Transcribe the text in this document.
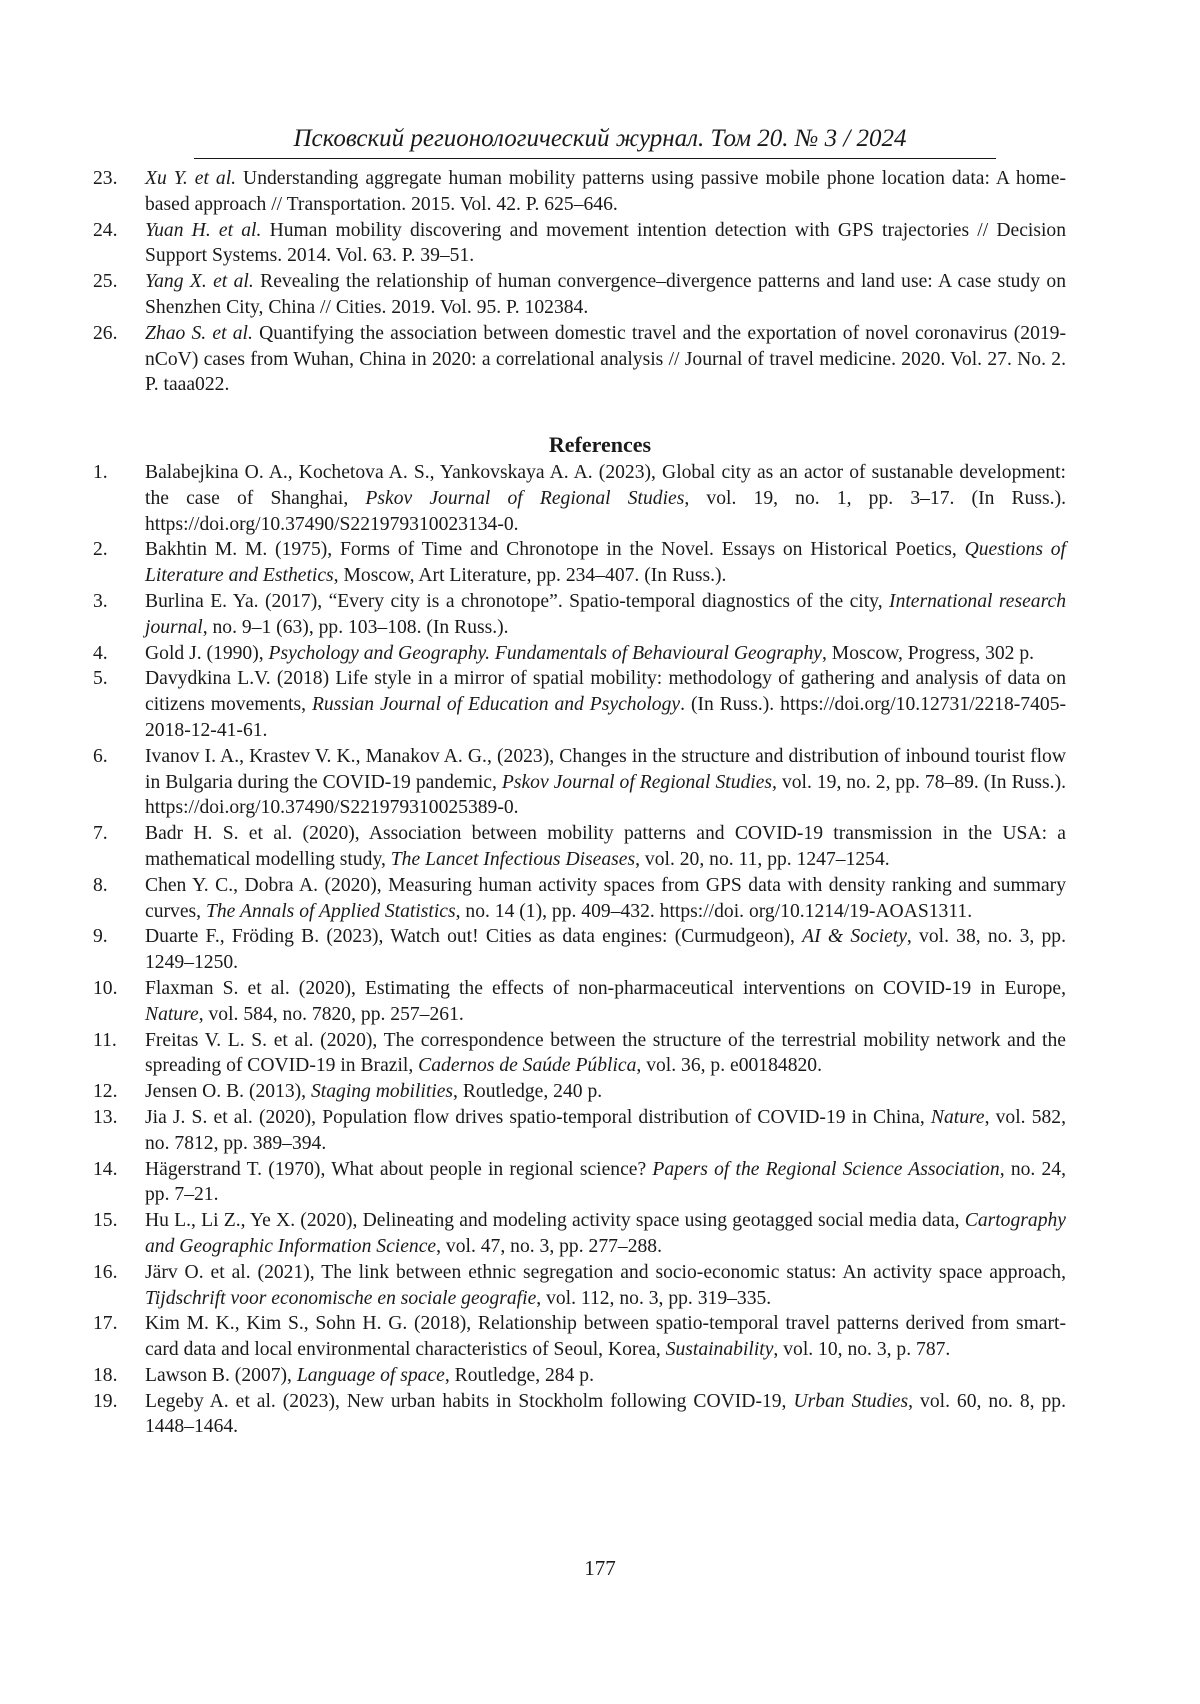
Псковский регионологический журнал. Том 20. № 3 / 2024
23.	Xu Y. et al. Understanding aggregate human mobility patterns using passive mobile phone location data: A home-based approach // Transportation. 2015. Vol. 42. P. 625–646.
24.	Yuan H. et al. Human mobility discovering and movement intention detection with GPS trajectories // Decision Support Systems. 2014. Vol. 63. P. 39–51.
25.	Yang X. et al. Revealing the relationship of human convergence–divergence patterns and land use: A case study on Shenzhen City, China // Cities. 2019. Vol. 95. P. 102384.
26.	Zhao S. et al. Quantifying the association between domestic travel and the exportation of novel coronavirus (2019-nCoV) cases from Wuhan, China in 2020: a correlational analysis // Journal of travel medicine. 2020. Vol. 27. No. 2. P. taaa022.
References
1.	Balabejkina O. A., Kochetova A. S., Yankovskaya A. A. (2023), Global city as an actor of sustanable development: the case of Shanghai, Pskov Journal of Regional Studies, vol. 19, no. 1, pp. 3–17. (In Russ.). https://doi.org/10.37490/S221979310023134-0.
2.	Bakhtin M. M. (1975), Forms of Time and Chronotope in the Novel. Essays on Historical Poetics, Questions of Literature and Esthetics, Moscow, Art Literature, pp. 234–407. (In Russ.).
3.	Burlina E. Ya. (2017), “Every city is a chronotope”. Spatio-temporal diagnostics of the city, International research journal, no. 9–1 (63), pp. 103–108. (In Russ.).
4.	Gold J. (1990), Psychology and Geography. Fundamentals of Behavioural Geography, Moscow, Progress, 302 p.
5.	Davydkina L.V. (2018) Life style in a mirror of spatial mobility: methodology of gathering and analysis of data on citizens movements, Russian Journal of Education and Psychology. (In Russ.). https://doi.org/10.12731/2218-7405-2018-12-41-61.
6.	Ivanov I. A., Krastev V. K., Manakov A. G., (2023), Changes in the structure and distribution of inbound tourist flow in Bulgaria during the COVID-19 pandemic, Pskov Journal of Regional Studies, vol. 19, no. 2, pp. 78–89. (In Russ.). https://doi.org/10.37490/S221979310025389-0.
7.	Badr H. S. et al. (2020), Association between mobility patterns and COVID-19 transmission in the USA: a mathematical modelling study, The Lancet Infectious Diseases, vol. 20, no. 11, pp. 1247–1254.
8.	Chen Y. C., Dobra A. (2020), Measuring human activity spaces from GPS data with density ranking and summary curves, The Annals of Applied Statistics, no. 14 (1), pp. 409–432. https://doi. org/10.1214/19-AOAS1311.
9.	Duarte F., Fröding B. (2023), Watch out! Cities as data engines: (Curmudgeon), AI & Society, vol. 38, no. 3, pp. 1249–1250.
10.	Flaxman S. et al. (2020), Estimating the effects of non-pharmaceutical interventions on COVID-19 in Europe, Nature, vol. 584, no. 7820, pp. 257–261.
11.	Freitas V. L. S. et al. (2020), The correspondence between the structure of the terrestrial mobility network and the spreading of COVID-19 in Brazil, Cadernos de Saúde Pública, vol. 36, p. e00184820.
12.	Jensen O. B. (2013), Staging mobilities, Routledge, 240 p.
13.	Jia J. S. et al. (2020), Population flow drives spatio-temporal distribution of COVID-19 in China, Nature, vol. 582, no. 7812, pp. 389–394.
14.	Hägerstrand T. (1970), What about people in regional science? Papers of the Regional Science Association, no. 24, pp. 7–21.
15.	Hu L., Li Z., Ye X. (2020), Delineating and modeling activity space using geotagged social media data, Cartography and Geographic Information Science, vol. 47, no. 3, pp. 277–288.
16.	Järv O. et al. (2021), The link between ethnic segregation and socio-economic status: An activity space approach, Tijdschrift voor economische en sociale geografie, vol. 112, no. 3, pp. 319–335.
17.	Kim M. K., Kim S., Sohn H. G. (2018), Relationship between spatio-temporal travel patterns derived from smart-card data and local environmental characteristics of Seoul, Korea, Sustainability, vol. 10, no. 3, p. 787.
18.	Lawson B. (2007), Language of space, Routledge, 284 p.
19.	Legeby A. et al. (2023), New urban habits in Stockholm following COVID-19, Urban Studies, vol. 60, no. 8, pp. 1448–1464.
177
